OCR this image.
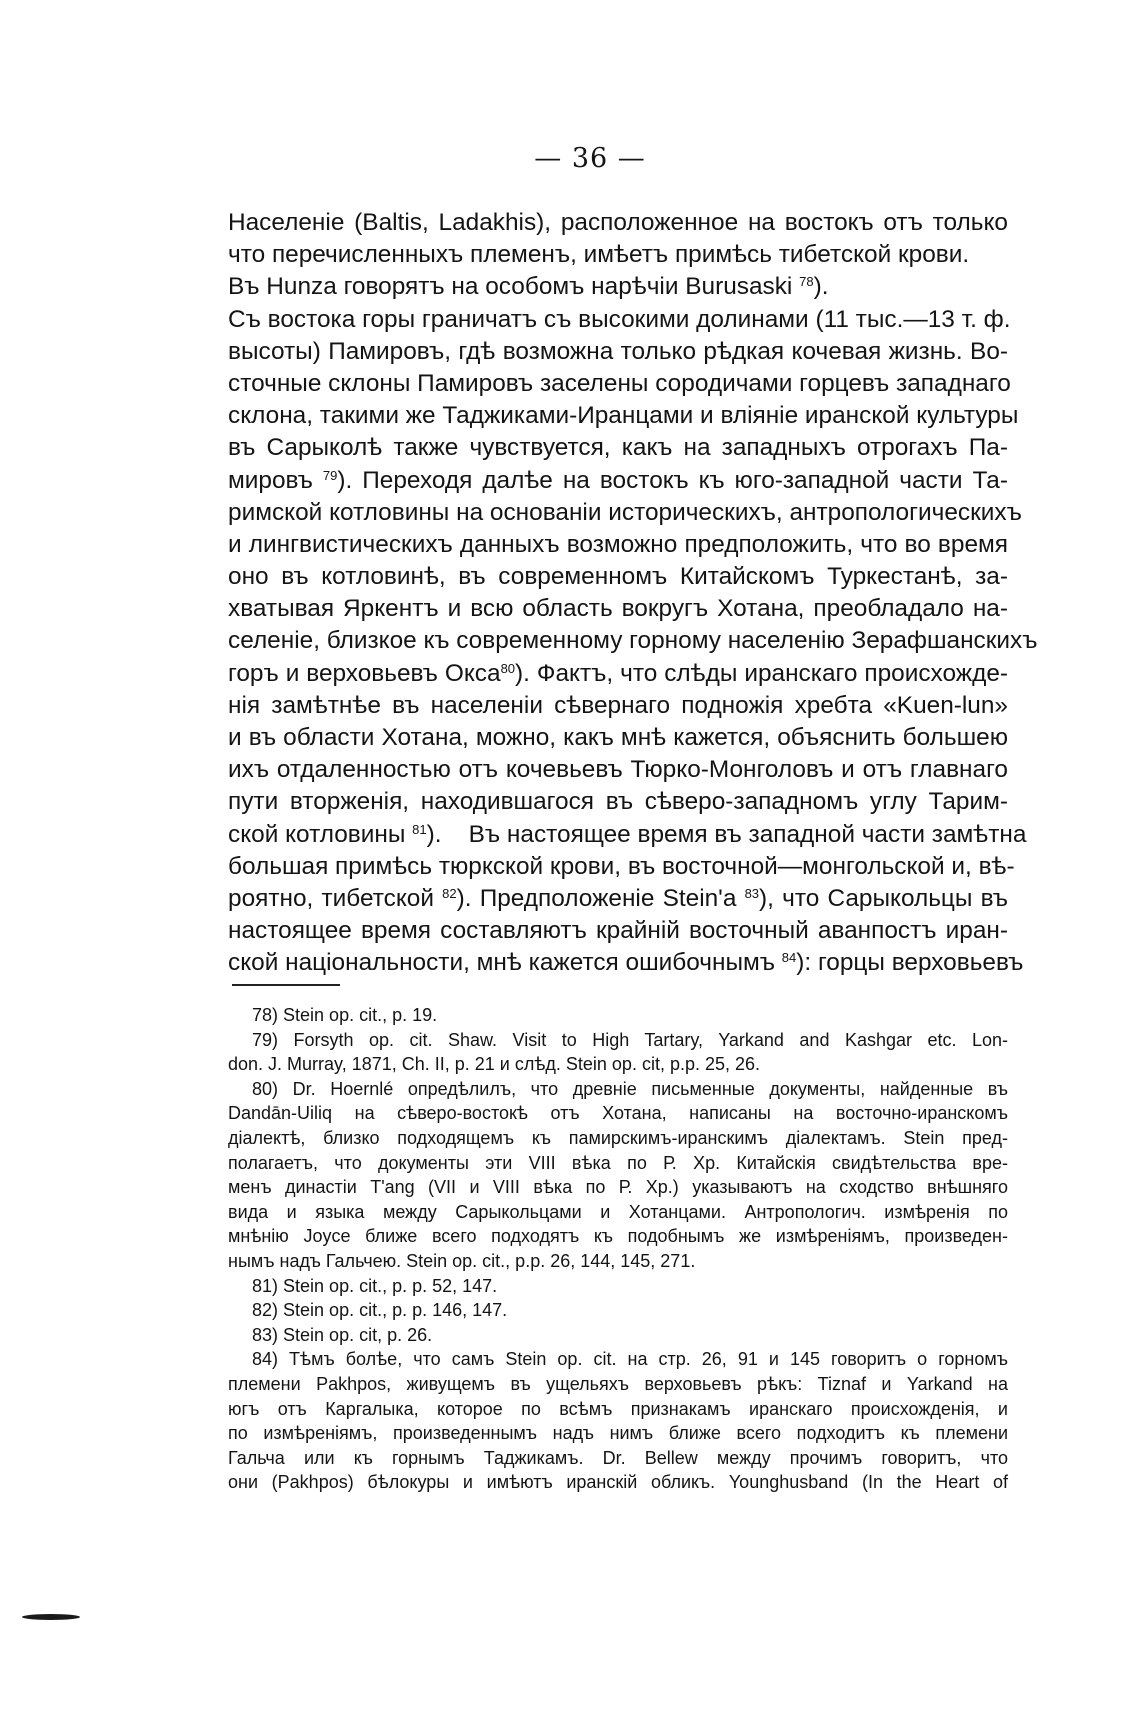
— 36 —
Населеніе (Baltis, Ladakhis), расположенное на востокъ отъ только
что перечисленныхъ племенъ, имѣетъ примѣсь тибетской крови.
Въ Hunza говорятъ на особомъ нарѣчіи Burusaski $^{78}$).
Съ востока горы граничатъ съ высокими долинами (11 тыс.—13 т. ф.
высоты) Памировъ, гдѣ возможна только рѣдкая кочевая жизнь. Во-
сточные склоны Памировъ заселены сородичами горцевъ западнаго
склона, такими же Таджиками-Иранцами и вліяніе иранской культуры
въ Сарыколѣ также чувствуется, какъ на западныхъ отрогахъ Па-
мировъ $^{79}$). Переходя далѣе на востокъ къ юго-западной части Та-
римской котловины на основаніи историческихъ, антропологическихъ
и лингвистическихъ данныхъ возможно предположить, что во время
оно въ котловинѣ, въ современномъ Китайскомъ Туркестанѣ, за-
хватывая Яркентъ и всю область вокругъ Хотана, преобладало на-
селеніе, близкое къ современному горному населенію Зерафшанскихъ
горъ и верховьевъ Окса$^{80}$). Фактъ, что слѣды иранскаго происхожде-
нія замѣтнѣе въ населеніи сѣвернаго подножія хребта «Kuen-lun»
и въ области Хотана, можно, какъ мнѣ кажется, объяснить большею
ихъ отдаленностью отъ кочевьевъ Тюрко-Монголовъ и отъ главнаго
пути вторженія, находившагося въ сѣверо-западномъ углу Тарим-
ской котловины $^{81}$). Въ настоящее время въ западной части замѣтна
большая примѣсь тюркской крови, въ восточной—монгольской и, вѣ-
роятно, тибетской $^{82}$). Предположеніе Stein'a $^{83}$), что Сарыкольцы въ
настоящее время составляютъ крайній восточный аванпостъ иран-
ской національности, мнѣ кажется ошибочнымъ $^{84}$): горцы верховьевъ
78) Stein op. cit., p. 19.
79) Forsyth op. cit. Shaw. Visit to High Tartary, Yarkand and Kashgar etc. Lon-
don. J. Murray, 1871, Ch. II, p. 21 и слѣд. Stein op. cit, p.p. 25, 26.
80) Dr. Hoernlé опредѣлилъ, что древніе письменные документы, найденные въ
Dandān-Uiliq на сѣверо-востокѣ отъ Хотана, написаны на восточно-иранскомъ
діалектѣ, близко подходящемъ къ памирскимъ-иранскимъ діалектамъ. Stein пред-
полагаетъ, что документы эти VIII вѣка по Р. Хр. Китайскія свидѣтельства вре-
менъ династіи T'ang (VII и VIII вѣка по Р. Хр.) указываютъ на сходство внѣшняго
вида и языка между Сарыкольцами и Хотанцами. Антропологич. измѣренія по
мнѣнію Joyce ближе всего подходятъ къ подобнымъ же измѣреніямъ, произведен-
нымъ надъ Гальчею. Stein op. cit., p.p. 26, 144, 145, 271.
81) Stein op. cit., p. p. 52, 147.
82) Stein op. cit., p. p. 146, 147.
83) Stein op. cit, p. 26.
84) Тѣмъ болѣе, что самъ Stein op. cit. на стр. 26, 91 и 145 говоритъ о горномъ
племени Pakhpos, живущемъ въ ущельяхъ верховьевъ рѣкъ: Tiznaf и Yarkand на
югъ отъ Каргалыка, которое по всѣмъ признакамъ иранскаго происхожденія, и
по измѣреніямъ, произведеннымъ надъ нимъ ближе всего подходитъ къ племени
Гальча или къ горнымъ Таджикамъ. Dr. Bellew между прочимъ говоритъ, что
они (Pakhpos) бѣлокуры и имѣютъ иранскій обликъ. Younghusband (In the Heart of
